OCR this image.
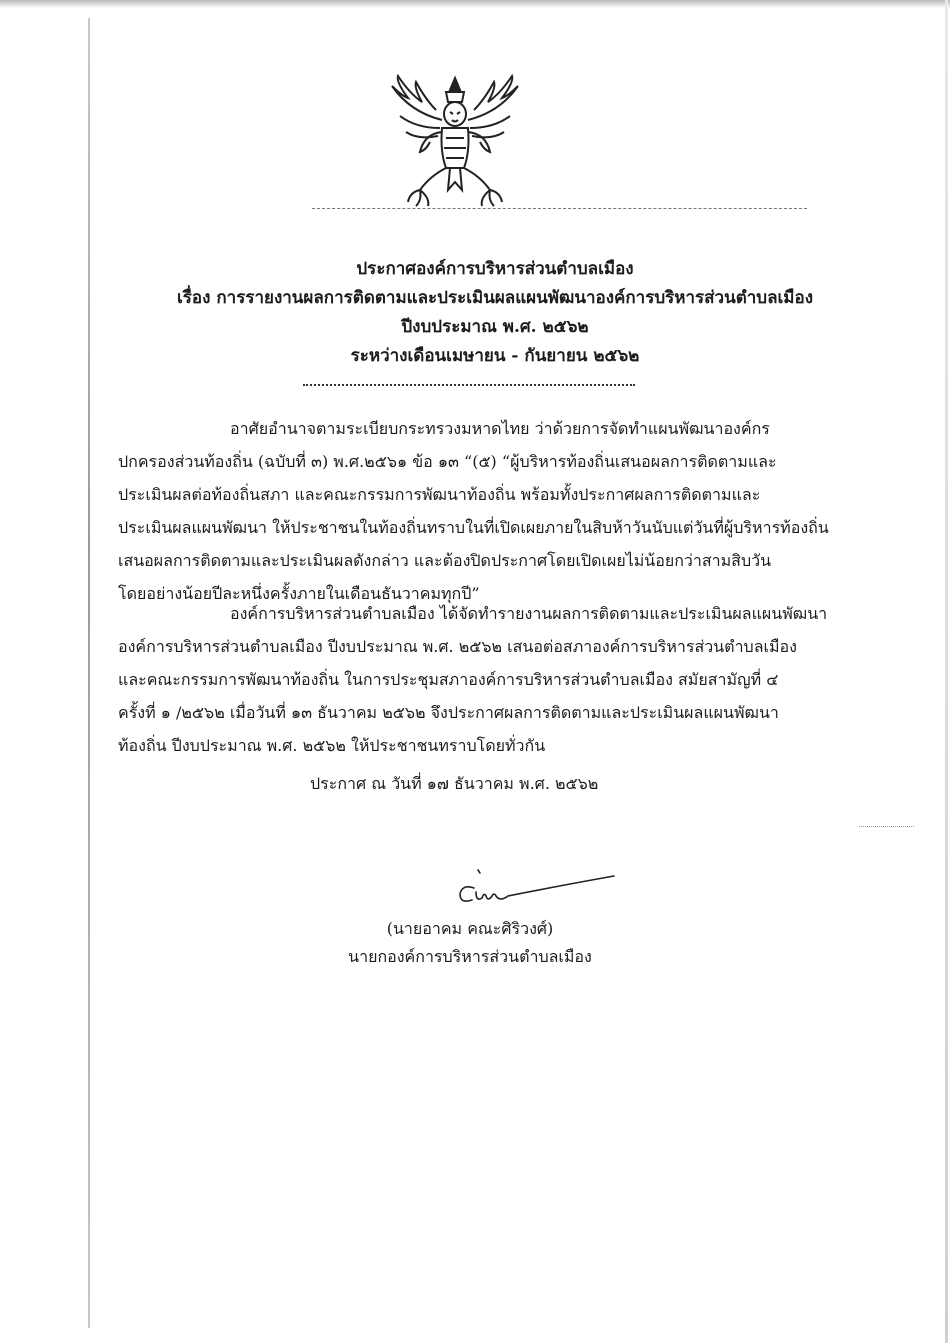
ประกาศองค์การบริหารส่วนตำบลเมือง
เรื่อง การรายงานผลการติดตามและประเมินผลแผนพัฒนาองค์การบริหารส่วนตำบลเมือง
ปีงบประมาณ พ.ศ. ๒๕๖๒
ระหว่างเดือนเมษายน - กันยายน ๒๕๖๒
อาศัยอำนาจตามระเบียบกระทรวงมหาดไทย ว่าด้วยการจัดทำแผนพัฒนาองค์กร
ปกครองส่วนท้องถิ่น (ฉบับที่ ๓) พ.ศ.๒๕๖๑ ข้อ ๑๓ “(๕) “ผู้บริหารท้องถิ่นเสนอผลการติดตามและ
ประเมินผลต่อท้องถิ่นสภา และคณะกรรมการพัฒนาท้องถิ่น พร้อมทั้งประกาศผลการติดตามและ
ประเมินผลแผนพัฒนา ให้ประชาชนในท้องถิ่นทราบในที่เปิดเผยภายในสิบห้าวันนับแต่วันที่ผู้บริหารท้องถิ่น
เสนอผลการติดตามและประเมินผลดังกล่าว และต้องปิดประกาศโดยเปิดเผยไม่น้อยกว่าสามสิบวัน
โดยอย่างน้อยปีละหนึ่งครั้งภายในเดือนธันวาคมทุกปี”
องค์การบริหารส่วนตำบลเมือง ได้จัดทำรายงานผลการติดตามและประเมินผลแผนพัฒนา
องค์การบริหารส่วนตำบลเมือง ปีงบประมาณ พ.ศ. ๒๕๖๒ เสนอต่อสภาองค์การบริหารส่วนตำบลเมือง
และคณะกรรมการพัฒนาท้องถิ่น ในการประชุมสภาองค์การบริหารส่วนตำบลเมือง สมัยสามัญที่ ๔
ครั้งที่ ๑ /๒๕๖๒ เมื่อวันที่ ๑๓ ธันวาคม ๒๕๖๒ จึงประกาศผลการติดตามและประเมินผลแผนพัฒนา
ท้องถิ่น ปีงบประมาณ พ.ศ. ๒๕๖๒ ให้ประชาชนทราบโดยทั่วกัน
ประกาศ ณ วันที่ ๑๗ ธันวาคม พ.ศ. ๒๕๖๒
(นายอาคม คณะศิริวงศ์)
นายกองค์การบริหารส่วนตำบลเมือง
